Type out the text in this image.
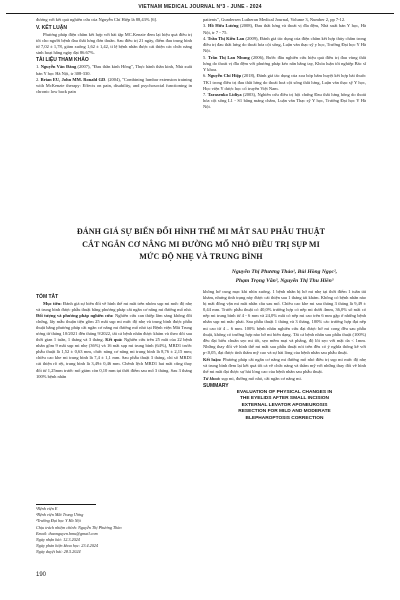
VIETNAM MEDICAL JOURNAL N°3 - JUNE - 2024

đương với kết quả nghiên cứu của Nguyễn Chí Hiệp là 88,43% [6].

V. KẾT LUẬN

Phương pháp điện châm kết hợp với bài tập MC.Kenzie đem lại hiệu quả điều trị tốt cho người bệnh đau thắt lưng đơn thuần. Sau điều trị 21 ngày, điểm đau trung bình từ 7,02 ± 1,78, giảm xuống 1,62 ± 1,42, tỉ lệ bệnh nhân được cải thiện các chức năng sinh hoạt hằng ngày đạt 86.67%.

TÀI LIỆU THAM KHẢO
1. Nguyễn Văn Đăng (2007), "Đau thần kinh Hông", Thực hành thần kinh, Nhà xuất bản Y học Hà Nội, tr 308-330.
2. Brian EU, John MM. Ronald GD. (2004), "Combining lumbar extension training with McKenzie therapy: Effects on pain, disability, and psychosocial functioning in chronic low back pain
patients", Gundersen Lutheran Medical Journal, Volume 3, Number 2, pp 7-12.
3. Hồ Hữu Lương (2008), Đau thắt lưng và thoát vị đĩa đệm, Nhà xuất bản Y học, Hà Nội, tr 7 - 75.
4. Trần Thị Kiều Lan (2009), Đánh giá tác dụng của điện châm kết hợp thủy châm trong điều trị đau thắt lưng do thoái hóa cột sống, Luận văn thạc sỹ y học, Trường Đại học Y Hà Nội.
5. Trần Thị Lan Nhung (2006), Bước đầu nghiên cứu hiệu quả điều trị đau vùng thắt lưng do thoát vị đĩa đệm với phương pháp kéo nắn bằng tay, Khóa luận tốt nghiệp Bác sĩ Y khoa.
6. Nguyễn Chí Hiệp (2018), Đánh giá tác dụng của xoa bóp bấm huyệt kết hợp bài thuốc TK1 trong điều trị đau thắt lưng do thoái hoá cột sống thắt lưng, Luận văn thạc sỹ Y học, Học viện Y dược học cổ truyền Việt Nam.
7. Tarasenko Lidiya (2003), Nghiên cứu điều trị hội chứng Đau thắt lưng hông do thoái hóa cột sống L1 - S1 bằng máng châm, Luận văn Thạc sỹ Y học, Trường Đại học Y Hà Nội.
ĐÁNH GIÁ SỰ BIẾN ĐỔI HÌNH THỂ MI MẮT SAU PHẪU THUẬT
CẮT NGẮN CƠ NÂNG MI ĐƯỜNG MỔ NHỎ ĐIỀU TRỊ SỤP MI
MỨC ĐỘ NHẸ VÀ TRUNG BÌNH
Nguyễn Thị Phương Thảo¹, Bùi Hồng Ngọc²,
Phạm Trọng Văn³, Nguyễn Thị Thu Hiền³
TÓM TẮT

Mục tiêu: Đánh giá sự biến đổi về hình thể mi mắt trên nhóm sụp mi mức độ nhẹ và trung bình được phẫu thuật bằng phương pháp cắt ngắn cơ nâng mi đường mổ nhỏ. Đối tượng và phương pháp nghiên cứu: Nghiên cứu can thiệp lâm sàng không đối chứng, lấy mẫu thuận tiện gồm 25 mắt sụp mi mức độ nhẹ và trung bình được phẫu thuật bằng phương pháp cắt ngắn cơ nâng mi đường mổ nhỏ tại Bệnh viện Mắt Trung ương từ tháng 10/2021 đến tháng 9/2022, tất cả bệnh nhân được khám và theo dõi sau thời gian 1 tuần, 1 tháng và 3 tháng. Kết quả: Nghiên cứu trên 25 mắt của 22 bệnh nhân gồm 9 mắt sụp mi nhẹ (36%) và 16 mắt sụp mi trung bình (64%), MRD1 trước phẫu thuật là 1,52 ± 0,63 mm, chức năng cơ nâng mi trung bình là 8,76 ± 2,15 mm; chiều cao khe mi trung bình là 7,4 ± 1,1 mm. Sau phẫu thuật 3 tháng, chỉ số MRD1 cải thiện rõ rệt, trung bình là 3,49± 0,46 mm. Chênh lệch MRD1 hai mắt cũng thay đổi từ 1,25mm trước mổ giảm còn 0,10 mm tại thời điểm sau mổ 3 tháng. Sau 3 tháng 100% bệnh nhân

không hở cung mạc khi nhìn xuống. 1 bệnh nhân bị hở mi nhẹ tại thời điểm 1 tuần tái khám, nhưng tình trạng này được cải thiện sau 1 tháng tái khám. Không có bệnh nhân nào bị mất đồng vận mi mắt nhãn cầu sau mổ. Chiều cao khe mi sau tháng 3 tháng là 9,49 ± 0,44 mm. Trước phẫu thuật có 40,0% trường hợp có nếp mi dưới 4mm, 36,0% số mắt có nếp mi trung bình từ 4 - 6 mm và 24,0% mắt có nếp mi cao trên 6 mm gặp ở những bệnh nhân sụp mi mắc phải. Sau phẫu thuật 1 tháng và 3 tháng, 100% các trường hợp đạt nếp mi cao từ 4 – 6 mm. 100% bệnh nhân nghiên cứu đạt được bờ mi cong đều sau phẫu thuật, không có trường hợp nào bờ mi biến dạng. Tất cả bệnh nhân sau phẫu thuật (100%) đều đạt biểu chuẩn sẹo mi tốt, sẹo mềm mại và phẳng, độ lõi sẹo với mặt da < 1mm. Những thay đổi về hình thể mi mắt sau phẫu thuật nói trên đều có ý nghĩa thống kê với p<0,05, đạt được tính thẩm mỹ cao và sự hài lòng của bệnh nhân sau phẫu thuật.

Kết luận: Phương pháp cắt ngắn cơ nâng mi đường mổ nhỏ điều trị sụp mi mức độ nhẹ và trung bình đem lại kết quả tốt cả về chức năng và thẩm mỹ với những thay đổi về hình thể mi mắt đạt được sự hài lòng cao của bệnh nhân sau phẫu thuật.

Từ khoá: sụp mi, đường mổ nhỏ, cắt ngắn cơ nâng mi.

SUMMARY
EVALUATION OF PHYSICAL CHANGES IN
THE EYELIDS AFTER SMALL INCISION
EXTERNAL LEVATOR APONEUROSIS
RESECTION FOR MILD AND MODERATE
BLEPHAROPTOSIS CORRECTION
¹Bệnh viện E
²Bệnh viện Mắt Trung Ương
³Trường Đại học Y Hà Nội
Chịu trách nhiệm chính: Nguyễn Thị Phương Thảo
Email: thaonguyen.hmu@gmail.com
Ngày nhận bài: 12.3.2024
Ngày phản biện khoa học: 23.4.2024
Ngày duyệt bài: 28.5.2024
190
